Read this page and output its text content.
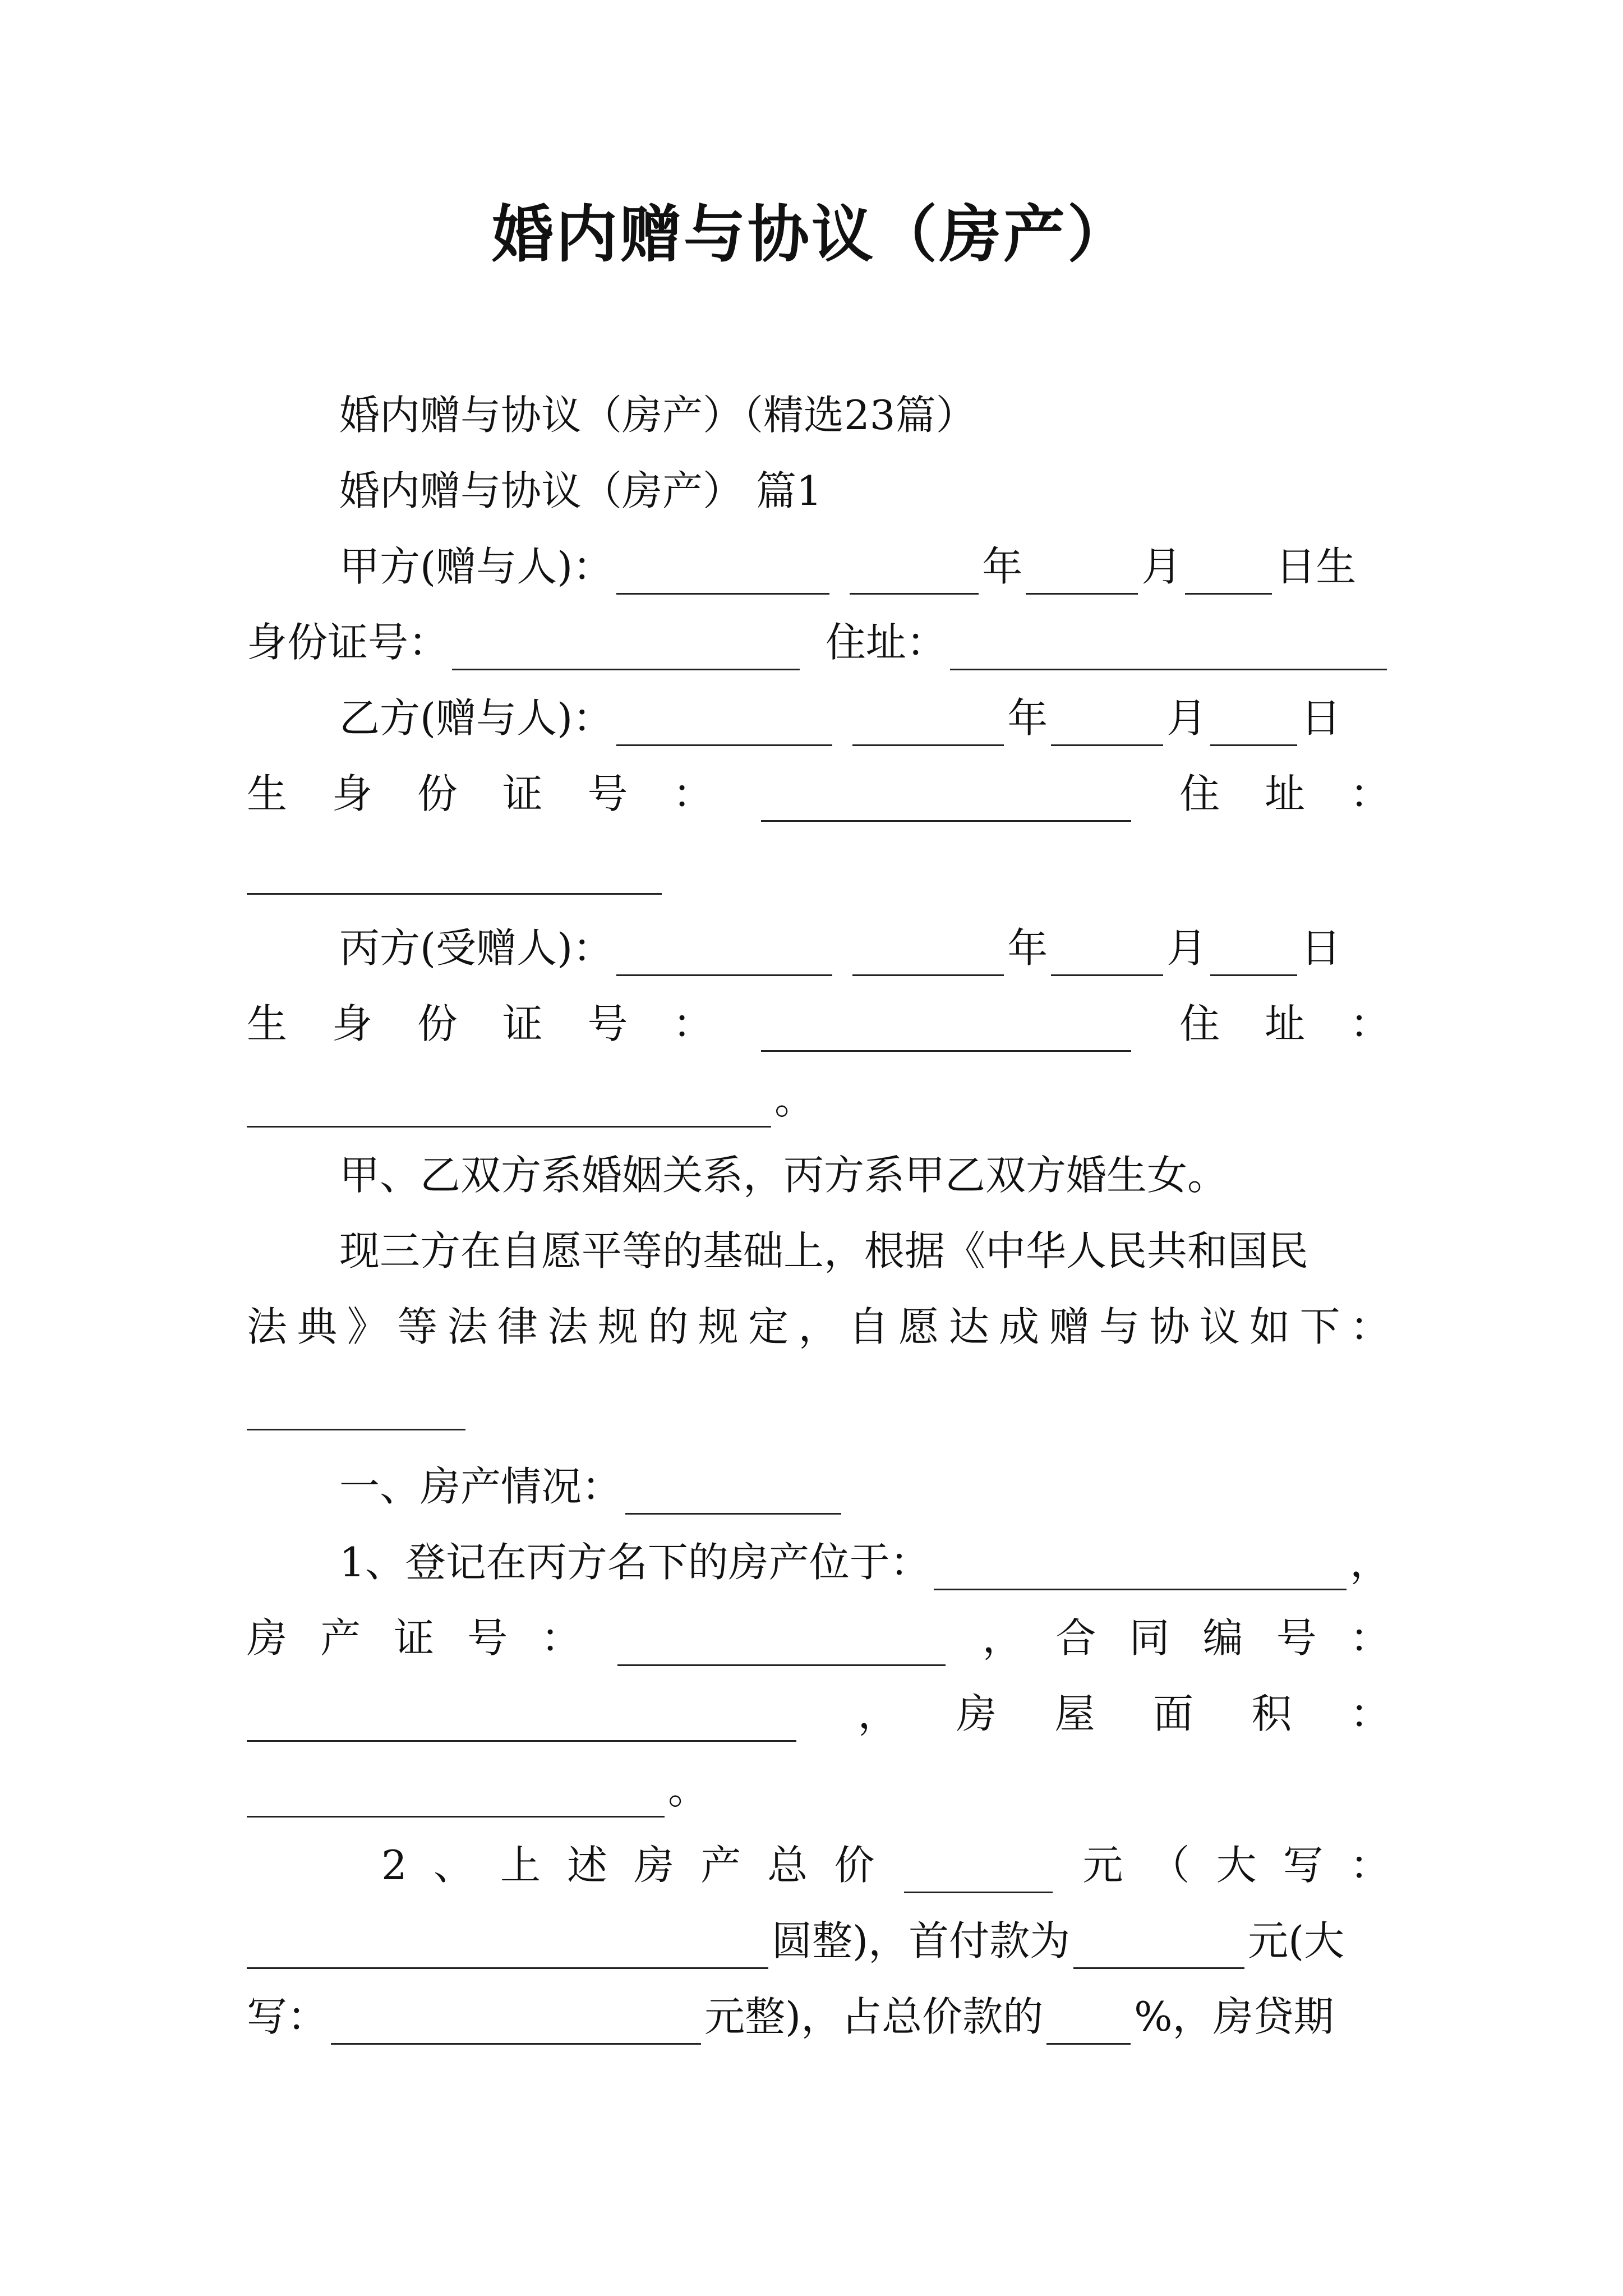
婚内赠与协议（房产）
婚内赠与协议（房产）（精选23篇）
婚内赠与协议（房产） 篇1
甲方(赠与人)：	年	月 日生
身份证号：	住址：
乙方(赠与人)：	年	月 日
生 身 份 证 号 ：	住 址 ：
丙方(受赠人)：	年	月 日
生 身 份 证 号 ：	住 址 ：
。
甲、乙双方系婚姻关系，丙方系甲乙双方婚生女。
现三方在自愿平等的基础上，根据《中华人民共和国民
法 典 》 等 法 律 法 规 的 规 定 ， 自 愿 达 成 赠 与 协 议 如 下 ：
一、房产情况：
1、登记在丙方名下的房产位于：	，
房 产 证 号 ：	， 合 同 编 号 ：
， 房 屋 面 积 ：
。
2 、 上 述 房 产 总 价	元 （ 大 写 ：
圆整)，首付款为	元(大
写：	元整)，占总价款的 %，房贷期
